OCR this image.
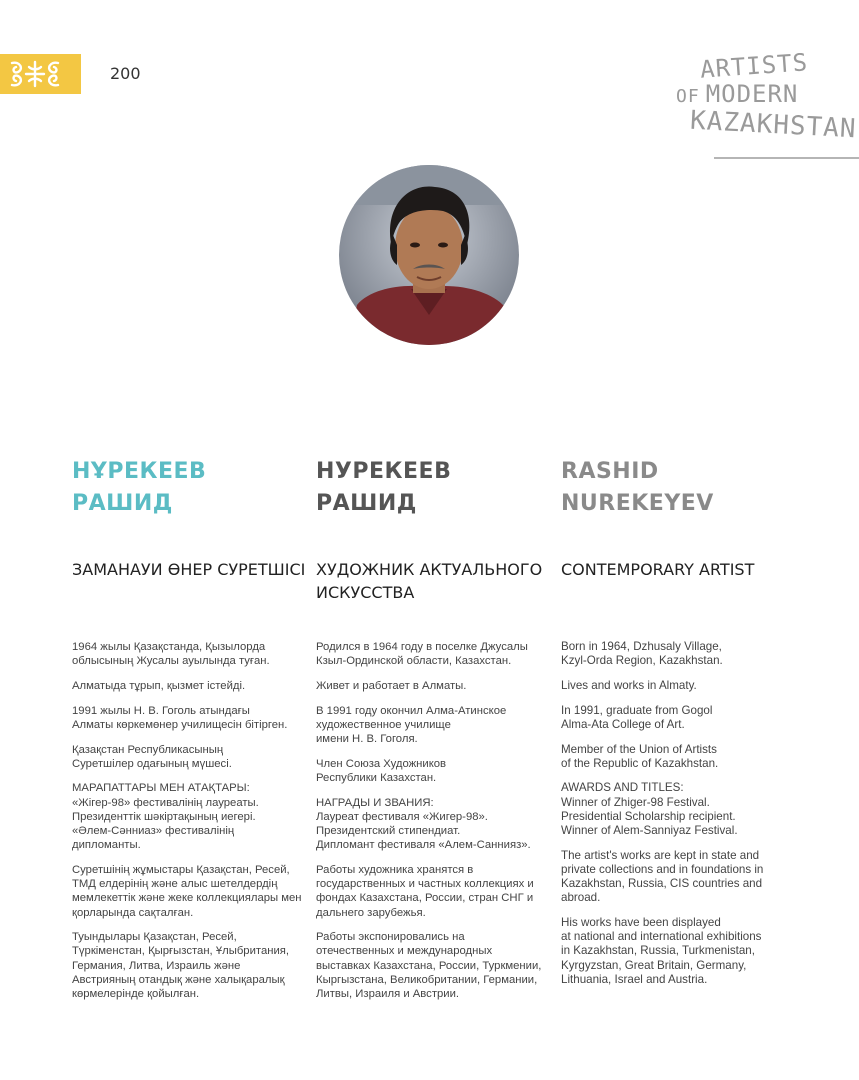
200	ARTISTS
OF MODERN
KAZAKHSTAN

НҰРЕКЕЕВ
РАШИД

ЗАМАНАУИ ӨНЕР СУРЕТШІСІ

1964 жылы Қазақстанда, Қызылорда
облысының Жусалы ауылында туған.

Алматыда тұрып, қызмет істейді.

1991 жылы Н. В. Гоголь атындағы
Алматы көркемөнер училищесін бітірген.

Қазақстан Республикасының
Суретшілер одағының мүшесі.

МАРАПАТТАРЫ МЕН АТАҚТАРЫ:
«Жігер-98» фестивалінің лауреаты.
Президенттік шәкіртақының иегері.
«Әлем-Сәнниаз» фестивалінің
дипломанты.

Суретшінің жұмыстары Қазақстан, Ресей,
ТМД елдерінің және алыс шетелдердің
мемлекеттік және жеке коллекциялары мен
қорларында сақталған.

Туындылары Қазақстан, Ресей,
Түркіменстан, Қырғызстан, Ұлыбритания,
Германия, Литва, Израиль және
Австрияның отандық және халықаралық
көрмелерінде қойылған.

НУРЕКЕЕВ
РАШИД

ХУДОЖНИК АКТУАЛЬНОГО ИСКУССТВА

Родился в 1964 году в поселке Джусалы
Кзыл-Ординской области, Казахстан.

Живет и работает в Алматы.

В 1991 году окончил Алма-Атинское
художественное училище
имени Н. В. Гоголя.

Член Союза Художников
Республики Казахстан.

НАГРАДЫ И ЗВАНИЯ:
Лауреат фестиваля «Жигер-98».
Президентский стипендиат.
Дипломант фестиваля «Алем-Саннияз».

Работы художника хранятся в
государственных и частных коллекциях и
фондах Казахстана, России, стран СНГ и
дальнего зарубежья.

Работы экспонировались на
отечественных и международных
выставках Казахстана, России, Туркмении,
Кыргызстана, Великобритании, Германии,
Литвы, Израиля и Австрии.

RASHID
NUREKEYEV

CONTEMPORARY ARTIST

Born in 1964, Dzhusaly Village,
Kzyl-Orda Region, Kazakhstan.

Lives and works in Almaty.

In 1991, graduate from Gogol
Alma-Ata College of Art.

Member of the Union of Artists
of the Republic of Kazakhstan.

AWARDS AND TITLES:
Winner of Zhiger-98 Festival.
Presidential Scholarship recipient.
Winner of Alem-Sanniyaz Festival.

The artist's works are kept in state and
private collections and in foundations in
Kazakhstan, Russia, CIS countries and
abroad.

His works have been displayed
at national and international exhibitions
in Kazakhstan, Russia, Turkmenistan,
Kyrgyzstan, Great Britain, Germany,
Lithuania, Israel and Austria.
